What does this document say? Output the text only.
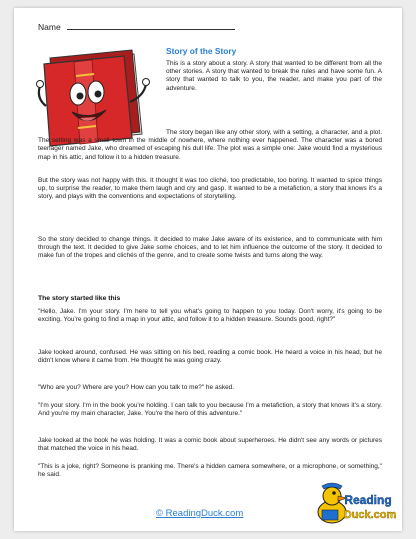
Name
Story of the Story

This is a story about a story. A story that wanted to be different from all the other stories. A story that wanted to break the rules and have some fun. A story that wanted to talk to you, the reader, and make you part of the adventure.

The story began like any other story, with a setting, a character, and a plot. The setting was a small town in the middle of nowhere, where nothing ever happened. The character was a bored teenager named Jake, who dreamed of escaping his dull life. The plot was a simple one: Jake would find a mysterious map in his attic, and follow it to a hidden treasure.

But the story was not happy with this. It thought it was too cliché, too predictable, too boring. It wanted to spice things up, to surprise the reader, to make them laugh and cry and gasp. It wanted to be a metafiction, a story that knows it's a story, and plays with the conventions and expectations of storytelling.

So the story decided to change things. It decided to make Jake aware of its existence, and to communicate with him through the text. It decided to give Jake some choices, and to let him influence the outcome of the story. It decided to make fun of the tropes and clichés of the genre, and to create some twists and turns along the way.

The story started like this

"Hello, Jake. I'm your story. I'm here to tell you what's going to happen to you today. Don't worry, it's going to be exciting. You're going to find a map in your attic, and follow it to a hidden treasure. Sounds good, right?"

Jake looked around, confused. He was sitting on his bed, reading a comic book. He heard a voice in his head, but he didn't know where it came from. He thought he was going crazy.

"Who are you? Where are you? How can you talk to me?" he asked.

"I'm your story. I'm in the book you're holding. I can talk to you because I'm a metafiction, a story that knows it's a story. And you're my main character, Jake. You're the hero of this adventure."

Jake looked at the book he was holding. It was a comic book about superheroes. He didn't see any words or pictures that matched the voice in his head.

"This is a joke, right? Someone is pranking me. There's a hidden camera somewhere, or a microphone, or something," he said.

© ReadingDuck.com
Reading
Duck.com
